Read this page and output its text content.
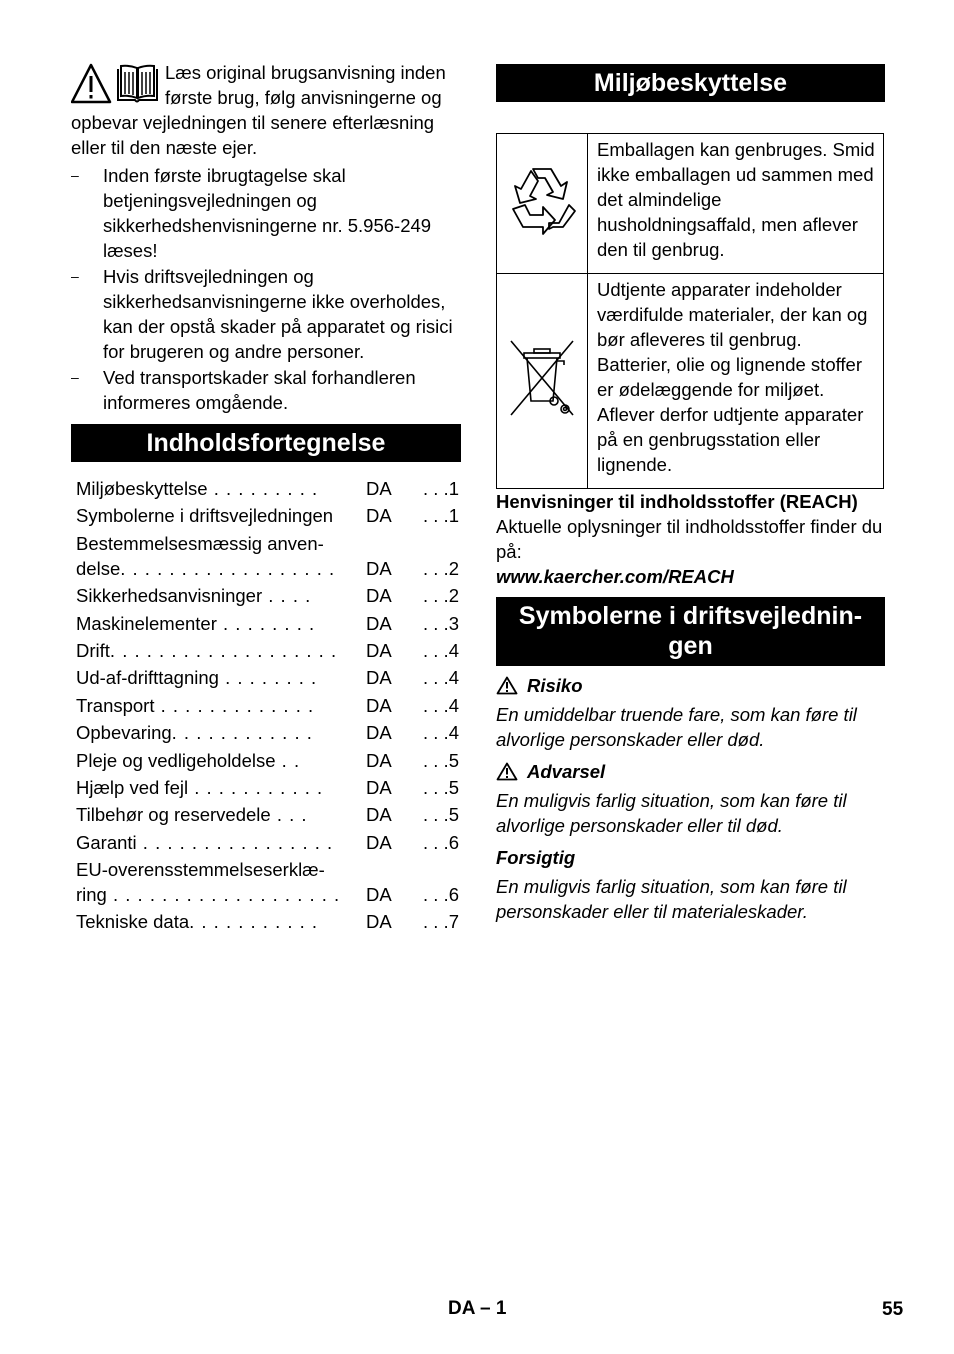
Læs original brugsanvisning inden første brug, følg anvisningerne og opbevar vejledningen til senere efterlæsning eller til den næste ejer.
– Inden første ibrugtagelse skal betjeningsvejledningen og sikkerhedshenvisningerne nr. 5.956-249 læses!
– Hvis driftsvejledningen og sikkerhedsanvisningerne ikke overholdes, kan der opstå skader på apparatet og risici for brugeren og andre personer.
– Ved transportskader skal forhandleren informeres omgående.
Indholdsfortegnelse
Miljøbeskyttelse . . . . . . . . .	DA	. . .1
Symbolerne i driftsvejledningen	DA	. . .1
Bestemmelsesmæssig anven-
delse. . . . . . . . . . . . . . . . . .	DA	. . .2
Sikkerhedsanvisninger . . . .	DA	. . .2
Maskinelementer . . . . . . . .	DA	. . .3
Drift. . . . . . . . . . . . . . . . . . .	DA	. . .4
Ud-af-drifttagning . . . . . . . .	DA	. . .4
Transport . . . . . . . . . . . . .	DA	. . .4
Opbevaring. . . . . . . . . . . .	DA	. . .4
Pleje og vedligeholdelse . .	DA	. . .5
Hjælp ved fejl . . . . . . . . . . .	DA	. . .5
Tilbehør og reservedele . . .	DA	. . .5
Garanti . . . . . . . . . . . . . . . .	DA	. . .6
EU-overensstemmelseserklæ-
ring . . . . . . . . . . . . . . . . . . .	DA	. . .6
Tekniske data. . . . . . . . . . .	DA	. . .7
Miljøbeskyttelse
	Emballagen kan genbruges. Smid ikke emballagen ud sammen med det almindelige husholdningsaffald, men aflever den til genbrug.
	Udtjente apparater indeholder værdifulde materialer, der kan og bør afleveres til genbrug. Batterier, olie og lignende stoffer er ødelæggende for miljøet. Aflever derfor udtjente apparater på en genbrugsstation eller lignende.
Henvisninger til indholdsstoffer (REACH)
Aktuelle oplysninger til indholdsstoffer finder du på:
www.kaercher.com/REACH
Symbolerne i driftsvejlednin-
gen
Risiko
En umiddelbar truende fare, som kan føre til alvorlige personskader eller død.
Advarsel
En muligvis farlig situation, som kan føre til alvorlige personskader eller til død.
Forsigtig
En muligvis farlig situation, som kan føre til personskader eller til materialeskader.
DA – 1	55
